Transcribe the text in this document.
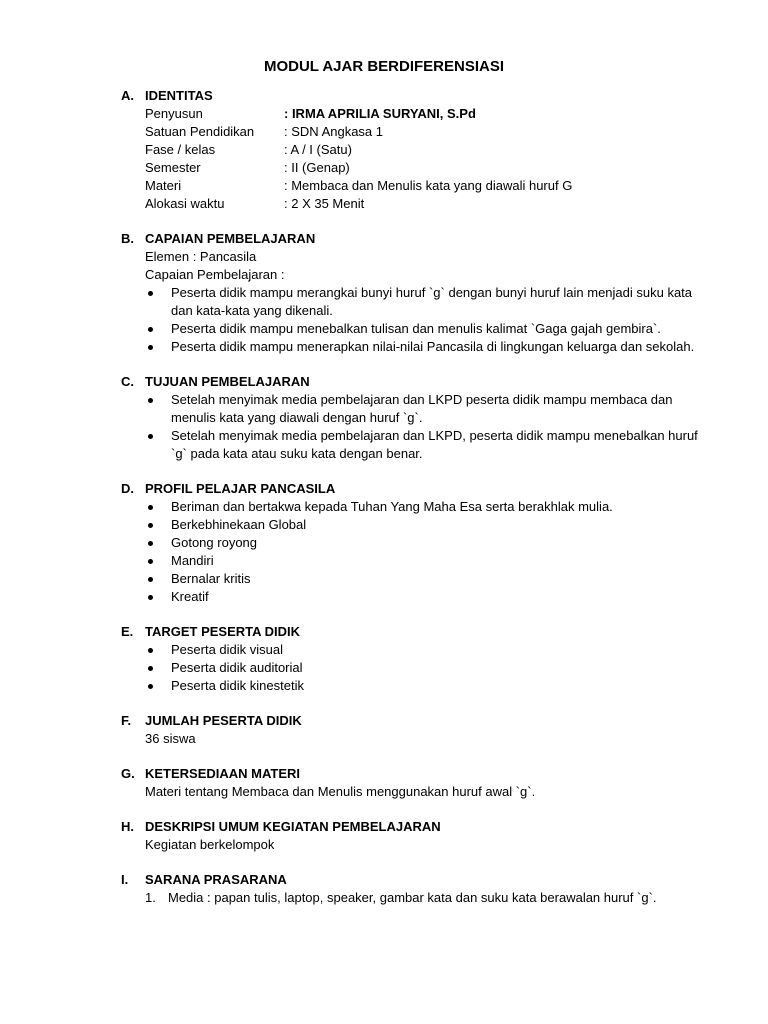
MODUL AJAR BERDIFERENSIASI
A. IDENTITAS
Penyusun	: IRMA APRILIA SURYANI, S.Pd
Satuan Pendidikan : SDN Angkasa 1
Fase / kelas	: A / I (Satu)
Semester	: II (Genap)
Materi	: Membaca dan Menulis kata yang diawali huruf G
Alokasi waktu	: 2 X 35 Menit
B. CAPAIAN PEMBELAJARAN
Elemen : Pancasila
Capaian Pembelajaran :
Peserta didik mampu merangkai bunyi huruf `g` dengan bunyi huruf lain menjadi suku kata dan kata-kata yang dikenali.
Peserta didik mampu menebalkan tulisan dan menulis kalimat `Gaga gajah gembira`.
Peserta didik mampu menerapkan nilai-nilai Pancasila di lingkungan keluarga dan sekolah.
C. TUJUAN PEMBELAJARAN
Setelah menyimak media pembelajaran dan LKPD peserta didik mampu membaca dan menulis kata yang diawali dengan huruf `g`.
Setelah menyimak media pembelajaran dan LKPD, peserta didik mampu menebalkan huruf `g` pada kata atau suku kata dengan benar.
D. PROFIL PELAJAR PANCASILA
Beriman dan bertakwa kepada Tuhan Yang Maha Esa serta berakhlak mulia.
Berkebhinekaan Global
Gotong royong
Mandiri
Bernalar kritis
Kreatif
E. TARGET PESERTA DIDIK
Peserta didik visual
Peserta didik auditorial
Peserta didik kinestetik
F. JUMLAH PESERTA DIDIK
36 siswa
G. KETERSEDIAAN MATERI
Materi tentang Membaca dan Menulis menggunakan huruf awal `g`.
H. DESKRIPSI UMUM KEGIATAN PEMBELAJARAN
Kegiatan berkelompok
I. SARANA PRASARANA
1. Media : papan tulis, laptop, speaker, gambar kata dan suku kata berawalan huruf `g`.
